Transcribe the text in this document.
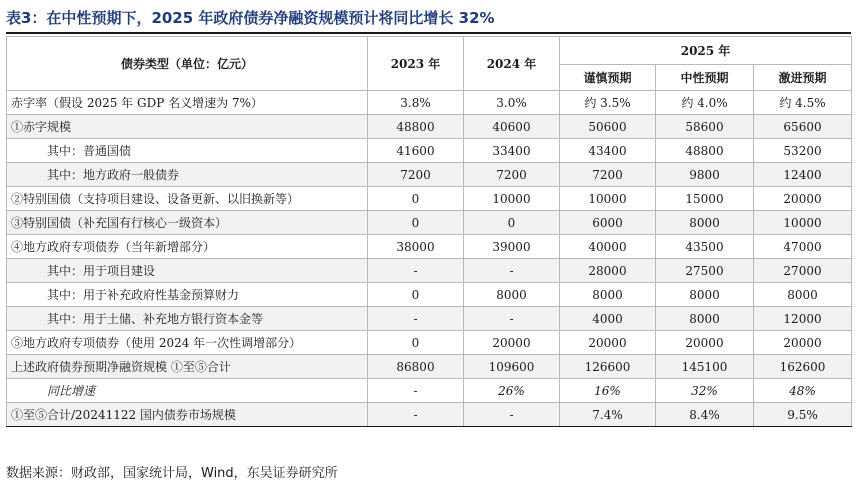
表3：在中性预期下，2025 年政府债券净融资规模预计将同比增长 32%
债券类型（单位：亿元）	2023 年	2024 年	2025 年		
			谨慎预期	中性预期	激进预期
赤字率（假设 2025 年 GDP 名义增速为 7%）	3.8%	3.0%	约 3.5%	约 4.0%	约 4.5%
①赤字规模	48800	40600	50600	58600	65600
其中：普通国债	41600	33400	43400	48800	53200
其中：地方政府一般债券	7200	7200	7200	9800	12400
②特别国债（支持项目建设、设备更新、以旧换新等）	0	10000	10000	15000	20000
③特别国债（补充国有行核心一级资本）	0	0	6000	8000	10000
④地方政府专项债券（当年新增部分）	38000	39000	40000	43500	47000
其中：用于项目建设	-	-	28000	27500	27000
其中：用于补充政府性基金预算财力	0	8000	8000	8000	8000
其中：用于土储、补充地方银行资本金等	-	-	4000	8000	12000
⑤地方政府专项债券（使用 2024 年一次性调增部分）	0	20000	20000	20000	20000
上述政府债券预期净融资规模 ①至⑤合计	86800	109600	126600	145100	162600
同比增速	-	26%	16%	32%	48%
①至⑤合计/20241122 国内债券市场规模	-	-	7.4%	8.4%	9.5%
数据来源：财政部，国家统计局，Wind，东吴证券研究所
